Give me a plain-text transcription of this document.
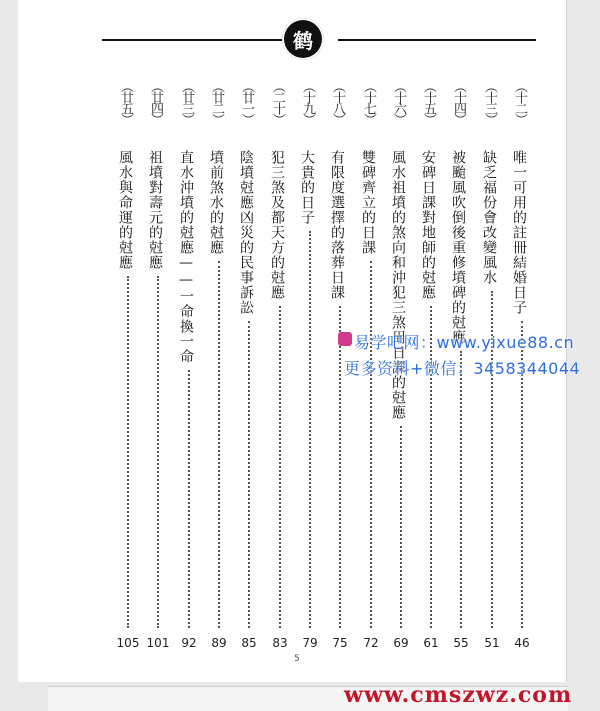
鹤
（十二）
唯一可用的註冊結婚日子
46
（十三）
缺乏福份會改變風水
51
（十四）
被颱風吹倒後重修墳碑的尅應
55
（十五）
安碑日課對地師的尅應
61
（十六）
風水祖墳的煞向和沖犯三煞用日課的尅應
69
（十七）
雙碑齊立的日課
72
（十八）
有限度選擇的落葬日課
75
（十九）
大貴的日子
79
（二十）
犯三煞及都天方的尅應
83
（廿一）
陰墳尅應凶災的民事訴訟
85
（廿二）
墳前煞水的尅應
89
（廿三）
直水沖墳的尅應——一命換一命
92
（廿四）
祖墳對壽元的尅應
101
（廿五）
風水與命運的尅應
105
5
易学吧网：www.yixue88.cn
更多资料+微信：3458344044
www.cmszwz.com
